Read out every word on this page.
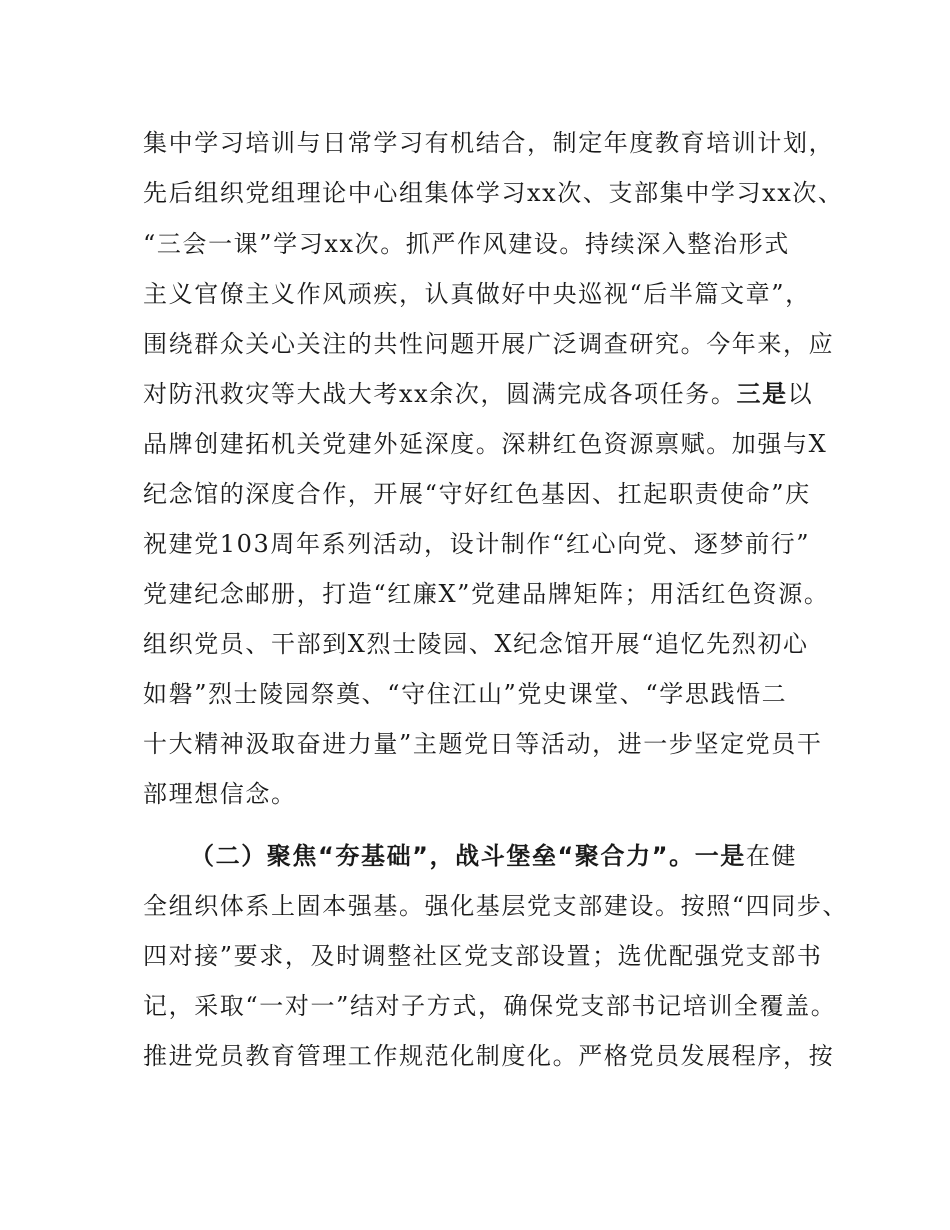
集中学习培训与日常学习有机结合，制定年度教育培训计划，
先后组织党组理论中心组集体学习xx次、支部集中学习xx次、
“三会一课”学习xx次。抓严作风建设。持续深入整治形式
主义官僚主义作风顽疾，认真做好中央巡视“后半篇文章”，
围绕群众关心关注的共性问题开展广泛调查研究。今年来，应
对防汛救灾等大战大考xx余次，圆满完成各项任务。三是以
品牌创建拓机关党建外延深度。深耕红色资源禀赋。加强与X
纪念馆的深度合作，开展“守好红色基因、扛起职责使命”庆
祝建党103周年系列活动，设计制作“红心向党、逐梦前行”
党建纪念邮册，打造“红廉X”党建品牌矩阵；用活红色资源。
组织党员、干部到X烈士陵园、X纪念馆开展“追忆先烈初心
如磐”烈士陵园祭奠、“守住江山”党史课堂、“学思践悟二
十大精神汲取奋进力量”主题党日等活动，进一步坚定党员干
部理想信念。
（二）聚焦“夯基础”，战斗堡垒“聚合力”。一是在健
全组织体系上固本强基。强化基层党支部建设。按照“四同步、
四对接”要求，及时调整社区党支部设置；选优配强党支部书
记，采取“一对一”结对子方式，确保党支部书记培训全覆盖。
推进党员教育管理工作规范化制度化。严格党员发展程序，按
